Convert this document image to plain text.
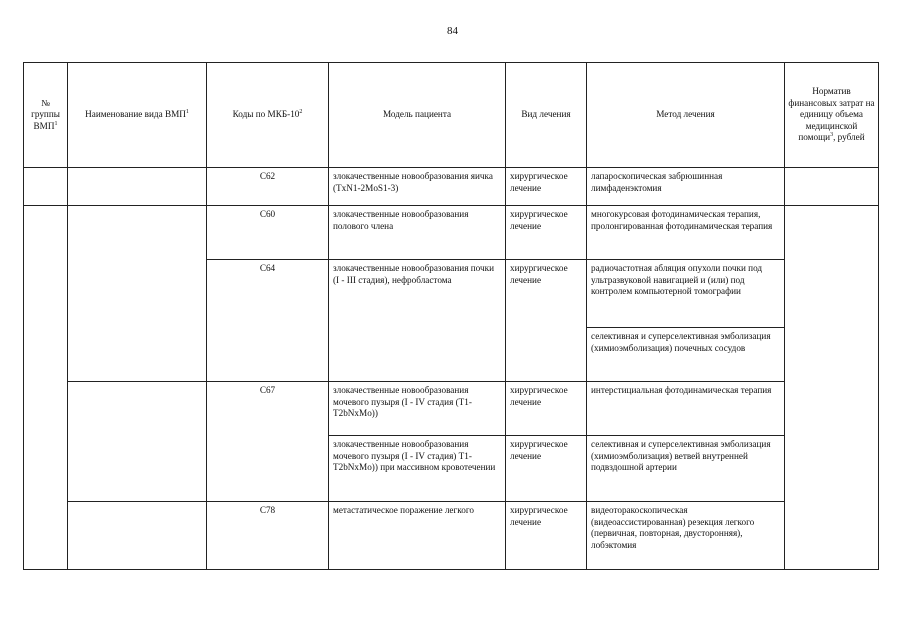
84
№ группы ВМП$^1$	Наименование вида ВМП$^1$	Коды по МКБ-$10^2$	Модель пациента	Вид лечения	Метод лечения	Норматив финансовых затрат на единицу объема медицинской помощи$^3$, рублей
		C62	злокачественные новообразования яичка (TxN1-2MoS1-3)	хирургическое лечение	лапароскопическая забрюшинная лимфаденэктомия	
		C60	злокачественные новообразования полового члена	хирургическое лечение	многокурсовая фотодинамическая терапия, пролонгированная фотодинамическая терапия	
		C64	злокачественные новообразования почки (I - III стадия), нефробластома	хирургическое лечение	радиочастотная абляция опухоли почки под ультразвуковой навигацией и (или) под контролем компьютерной томографии	
					селективная и суперселективная эмболизация (химиоэмболизация) почечных сосудов	
		C67	злокачественные новообразования мочевого пузыря (I - IV стадия (T1-T2bNxMo))	хирургическое лечение	интерстициальная фотодинамическая терапия	
			злокачественные новообразования мочевого пузыря (I - IV стадия) T1-T2bNxMo)) при массивном кровотечении	хирургическое лечение	селективная и суперселективная эмболизация (химиоэмболизация) ветвей внутренней подвздошной артерии	
		C78	метастатическое поражение легкого	хирургическое лечение	видеоторакоскопическая (видеоассистированная) резекция легкого (первичная, повторная, двусторонняя), лобэктомия	
